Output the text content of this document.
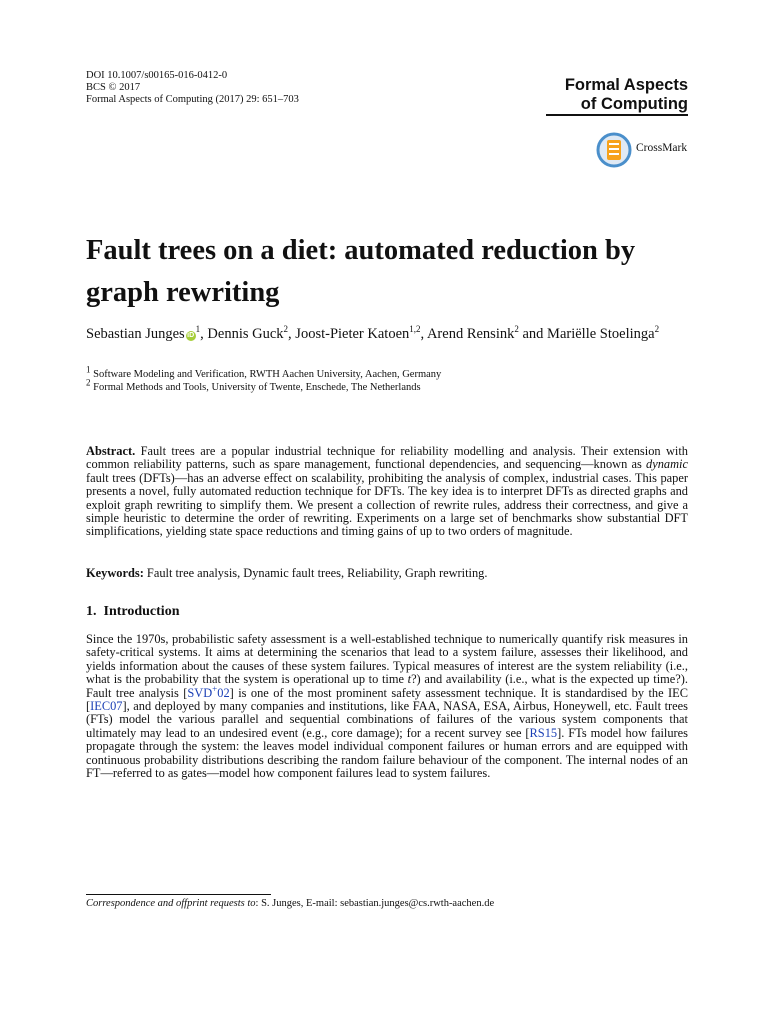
DOI 10.1007/s00165-016-0412-0
BCS © 2017
Formal Aspects of Computing (2017) 29: 651–703
Formal Aspects
of Computing
CrossMark
Fault trees on a diet: automated reduction by graph rewriting
Sebastian Junges $iD^1$, Dennis Guck$^2$, Joost-Pieter Katoen$^{1,2}$, Arend Rensink$^2$ and Mariëlle Stoelinga$^2$
$^1$ Software Modeling and Verification, RWTH Aachen University, Aachen, Germany
$^2$ Formal Methods and Tools, University of Twente, Enschede, The Netherlands
Abstract. Fault trees are a popular industrial technique for reliability modelling and analysis. Their extension with common reliability patterns, such as spare management, functional dependencies, and sequencing—known as dynamic fault trees (DFTs)—has an adverse effect on scalability, prohibiting the analysis of complex, industrial cases. This paper presents a novel, fully automated reduction technique for DFTs. The key idea is to interpret DFTs as directed graphs and exploit graph rewriting to simplify them. We present a collection of rewrite rules, address their correctness, and give a simple heuristic to determine the order of rewriting. Experiments on a large set of benchmarks show substantial DFT simplifications, yielding state space reductions and timing gains of up to two orders of magnitude.
Keywords: Fault tree analysis, Dynamic fault trees, Reliability, Graph rewriting.
1. Introduction
Since the 1970s, probabilistic safety assessment is a well-established technique to numerically quantify risk measures in safety-critical systems. It aims at determining the scenarios that lead to a system failure, assesses their likelihood, and yields information about the causes of these system failures. Typical measures of interest are the system reliability (i.e., what is the probability that the system is operational up to time t?) and availability (i.e., what is the expected up time?). Fault tree analysis [SVD+02] is one of the most prominent safety assessment technique. It is standardised by the IEC [IEC07], and deployed by many companies and institutions, like FAA, NASA, ESA, Airbus, Honeywell, etc. Fault trees (FTs) model the various parallel and sequential combinations of failures of the various system components that ultimately may lead to an undesired event (e.g., core damage); for a recent survey see [RS15]. FTs model how failures propagate through the system: the leaves model individual component failures or human errors and are equipped with continuous probability distributions describing the random failure behaviour of the component. The internal nodes of an FT—referred to as gates—model how component failures lead to system failures.
Correspondence and offprint requests to: S. Junges, E-mail: sebastian.junges@cs.rwth-aachen.de
